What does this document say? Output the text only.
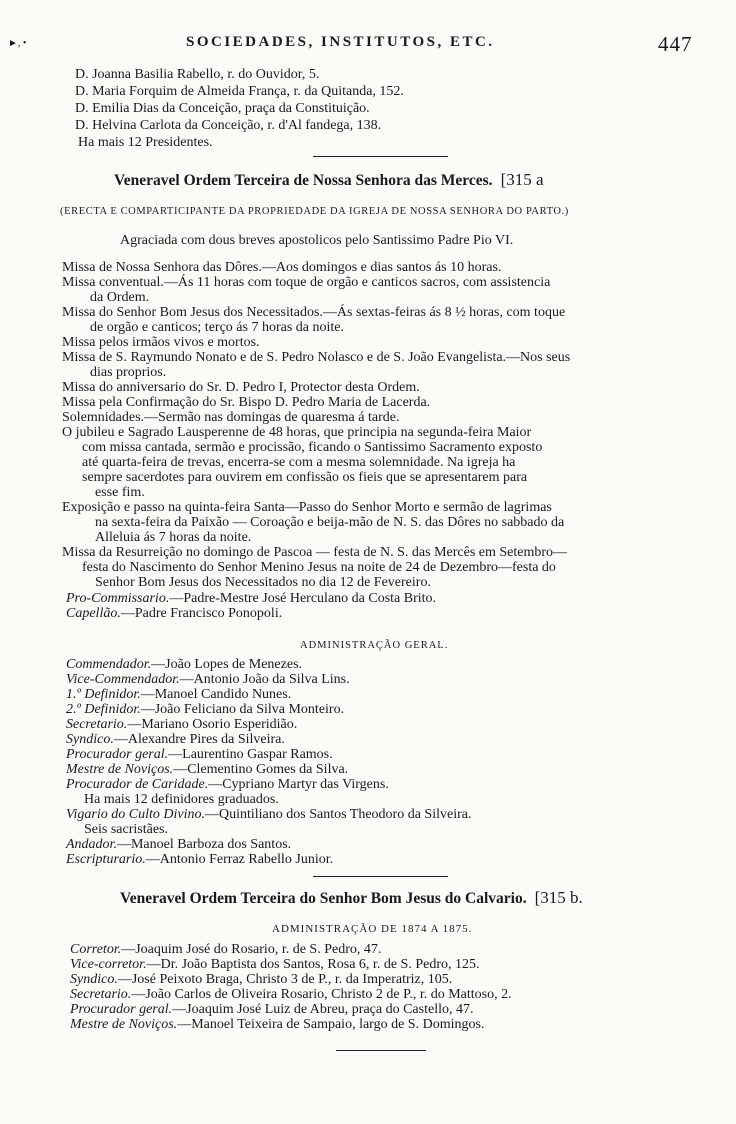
►, •	SOCIEDADES, INSTITUTOS, ETC.	447
D. Joanna Basilia Rabello, r. do Ouvidor, 5.
D. Maria Forquim de Almeida França, r. da Quitanda, 152.
D. Emilia Dias da Conceição, praça da Constituição.
D. Helvina Carlota da Conceição, r. d'Al fandega, 138.
Ha mais 12 Presidentes.
Veneravel Ordem Terceira de Nossa Senhora das Merces. [315 a
(ERECTA E COMPARTICIPANTE DA PROPRIEDADE DA IGREJA DE NOSSA SENHORA DO PARTO.)
Agraciada com dous breves apostolicos pelo Santissimo Padre Pio VI.
Missa de Nossa Senhora das Dôres.—Aos domingos e dias santos ás 10 horas.
Missa conventual.—Ás 11 horas com toque de orgão e canticos sacros, com assistencia
da Ordem.
Missa do Senhor Bom Jesus dos Necessitados.—Ás sextas-feiras ás 8 ½ horas, com toque
de orgão e canticos; terço ás 7 horas da noite.
Missa pelos irmãos vivos e mortos.
Missa de S. Raymundo Nonato e de S. Pedro Nolasco e de S. João Evangelista.—Nos seus
dias proprios.
Missa do anniversario do Sr. D. Pedro I, Protector desta Ordem.
Missa pela Confirmação do Sr. Bispo D. Pedro Maria de Lacerda.
Solemnidades.—Sermão nas domingas de quaresma á tarde.
O jubileu e Sagrado Lausperenne de 48 horas, que principia na segunda-feira Maior
com missa cantada, sermão e procissão, ficando o Santissimo Sacramento exposto
até quarta-feira de trevas, encerra-se com a mesma solemnidade. Na igreja ha
sempre sacerdotes para ouvirem em confissão os fieis que se apresentarem para
esse fim.
Exposição e passo na quinta-feira Santa—Passo do Senhor Morto e sermão de lagrimas
na sexta-feira da Paixão — Coroação e beija-mão de N. S. das Dôres no sabbado da
Alleluia ás 7 horas da noite.
Missa da Resurreição no domingo de Pascoa — festa de N. S. das Mercês em Setembro—
festa do Nascimento do Senhor Menino Jesus na noite de 24 de Dezembro—festa do
Senhor Bom Jesus dos Necessitados no dia 12 de Fevereiro.
Pro-Commissario.—Padre-Mestre José Herculano da Costa Brito.
Capellão.—Padre Francisco Ponopoli.
ADMINISTRAÇÃO GERAL.
Commendador.—João Lopes de Menezes.
Vice-Commendador.—Antonio João da Silva Lins.
1.º Definidor.—Manoel Candido Nunes.
2.º Definidor.—João Feliciano da Silva Monteiro.
Secretario.—Mariano Osorio Esperidião.
Syndico.—Alexandre Pires da Silveira.
Procurador geral.—Laurentino Gaspar Ramos.
Mestre de Noviços.—Clementino Gomes da Silva.
Procurador de Caridade.—Cypriano Martyr das Virgens.
Ha mais 12 definidores graduados.
Vigario do Culto Divino.—Quintiliano dos Santos Theodoro da Silveira.
Seis sacristães.
Andador.—Manoel Barboza dos Santos.
Escripturario.—Antonio Ferraz Rabello Junior.
Veneravel Ordem Terceira do Senhor Bom Jesus do Calvario. [315 b.
ADMINISTRAÇÃO DE 1874 A 1875.
Corretor.—Joaquim José do Rosario, r. de S. Pedro, 47.
Vice-corretor.—Dr. João Baptista dos Santos, Rosa 6, r. de S. Pedro, 125.
Syndico.—José Peixoto Braga, Christo 3 de P., r. da Imperatriz, 105.
Secretario.—João Carlos de Oliveira Rosario, Christo 2 de P., r. do Mattoso, 2.
Procurador geral.—Joaquim José Luiz de Abreu, praça do Castello, 47.
Mestre de Noviços.—Manoel Teixeira de Sampaio, largo de S. Domingos.
